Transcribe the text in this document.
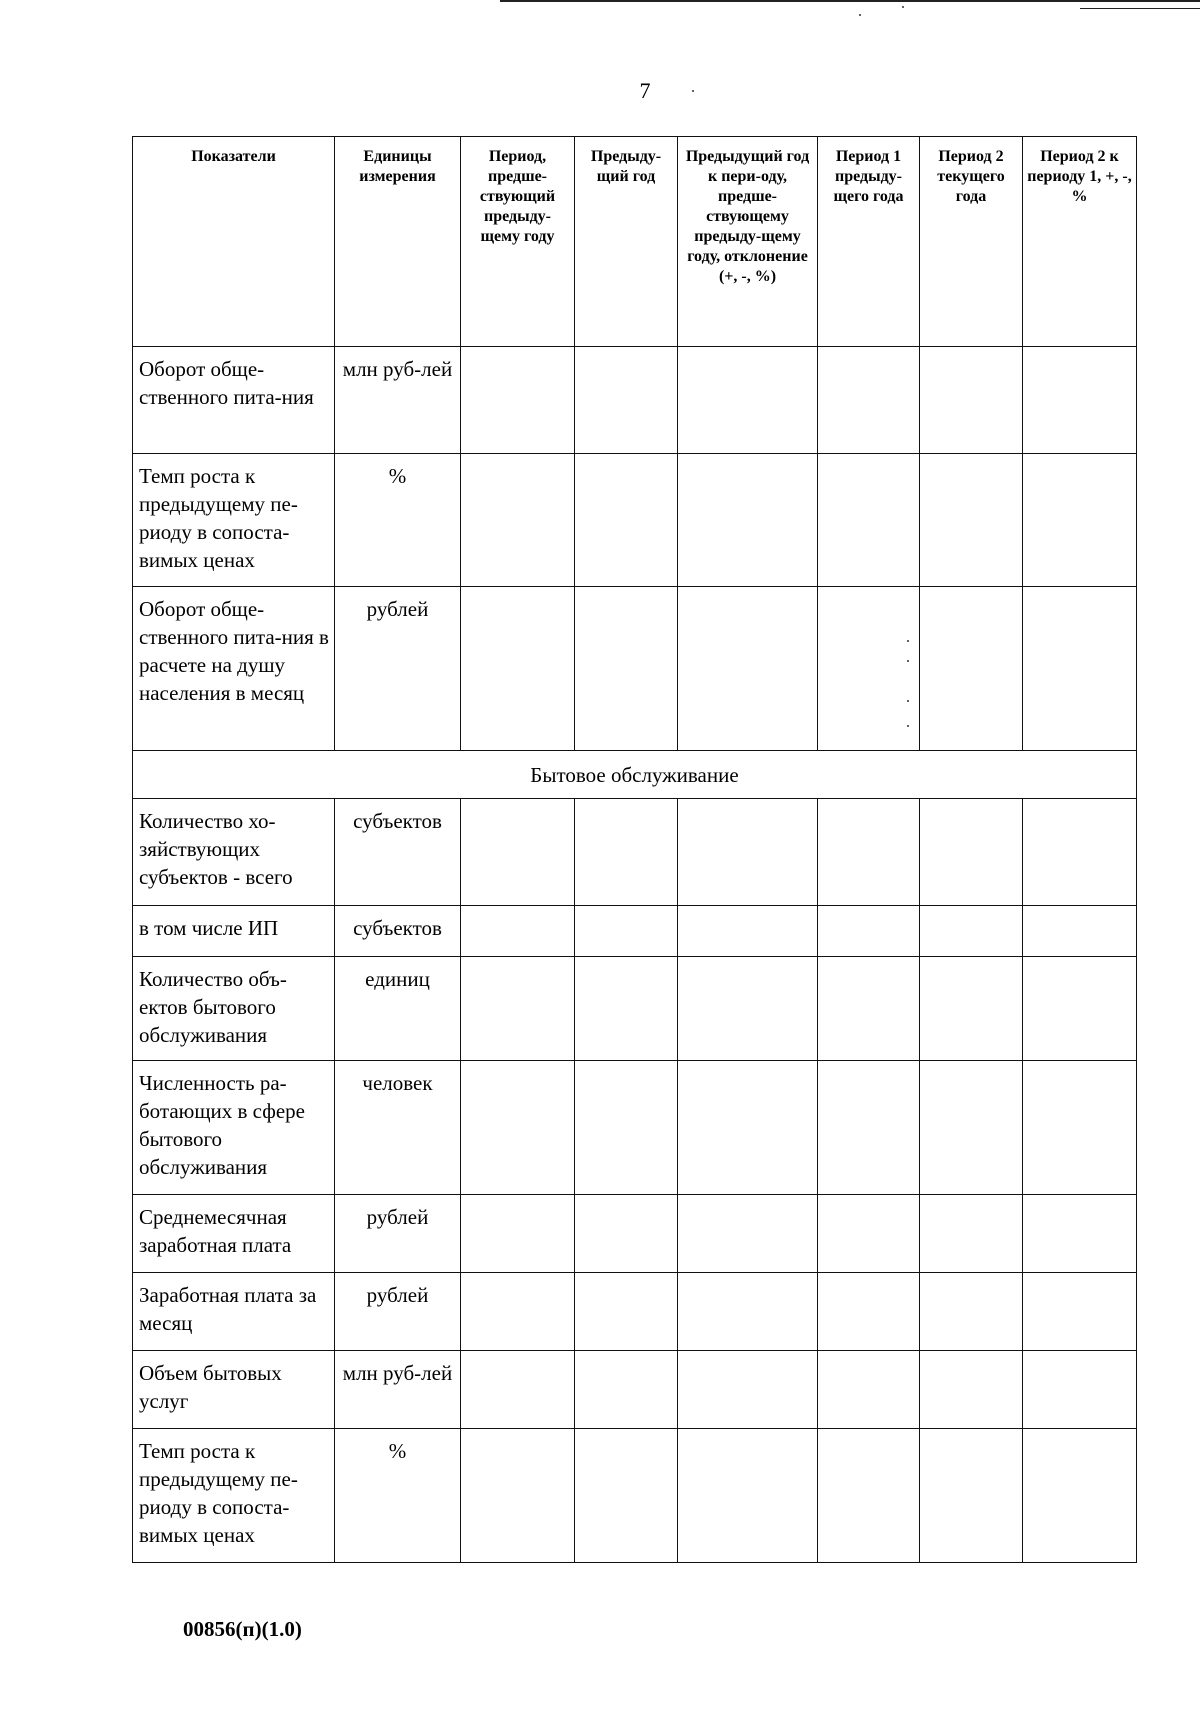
7
Показатели	Единицы измерения	Период, предше-ствующий предыду-щему году	Предыду-щий год	Предыдущий год к пери-оду, предше-ствующему предыду-щему году, отклонение (+, -, %)	Период 1 предыду-щего года	Период 2 текущего года	Период 2 к периоду 1, +, -, %
Оборот обще-ственного пита-ния	млн руб-лей						
Темп роста к предыдущему пе-риоду в сопоста-вимых ценах	%						
Оборот обще-ственного пита-ния в расчете на душу населения в месяц	рублей						
Бытовое обслуживание							
Количество хо-зяйствующих субъектов - всего	субъектов						
в том числе ИП	субъектов						
Количество объ-ектов бытового обслуживания	единиц						
Численность ра-ботающих в сфере бытового обслуживания	человек						
Среднемесячная заработная плата	рублей						
Заработная плата за месяц	рублей						
Объем бытовых услуг	млн руб-лей						
Темп роста к предыдущему пе-риоду в сопоста-вимых ценах	%						
00856(п)(1.0)
